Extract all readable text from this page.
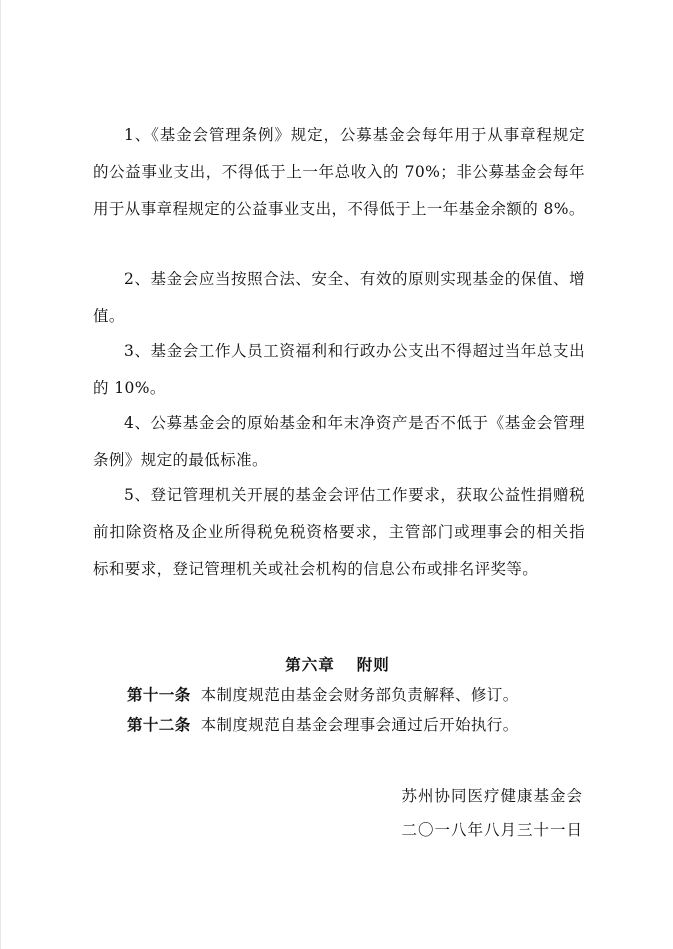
1、《基金会管理条例》规定，公募基金会每年用于从事章程规定的公益事业支出，不得低于上一年总收入的 70%；非公募基金会每年用于从事章程规定的公益事业支出，不得低于上一年基金余额的 8%。

2、基金会应当按照合法、安全、有效的原则实现基金的保值、增值。

3、基金会工作人员工资福利和行政办公支出不得超过当年总支出的 10%。

4、公募基金会的原始基金和年末净资产是否不低于《基金会管理条例》规定的最低标准。

5、登记管理机关开展的基金会评估工作要求，获取公益性捐赠税前扣除资格及企业所得税免税资格要求，主管部门或理事会的相关指标和要求，登记管理机关或社会机构的信息公布或排名评奖等。

第六章 附则
第十一条 本制度规范由基金会财务部负责解释、修订。
第十二条 本制度规范自基金会理事会通过后开始执行。
苏州协同医疗健康基金会
二〇一八年八月三十一日
